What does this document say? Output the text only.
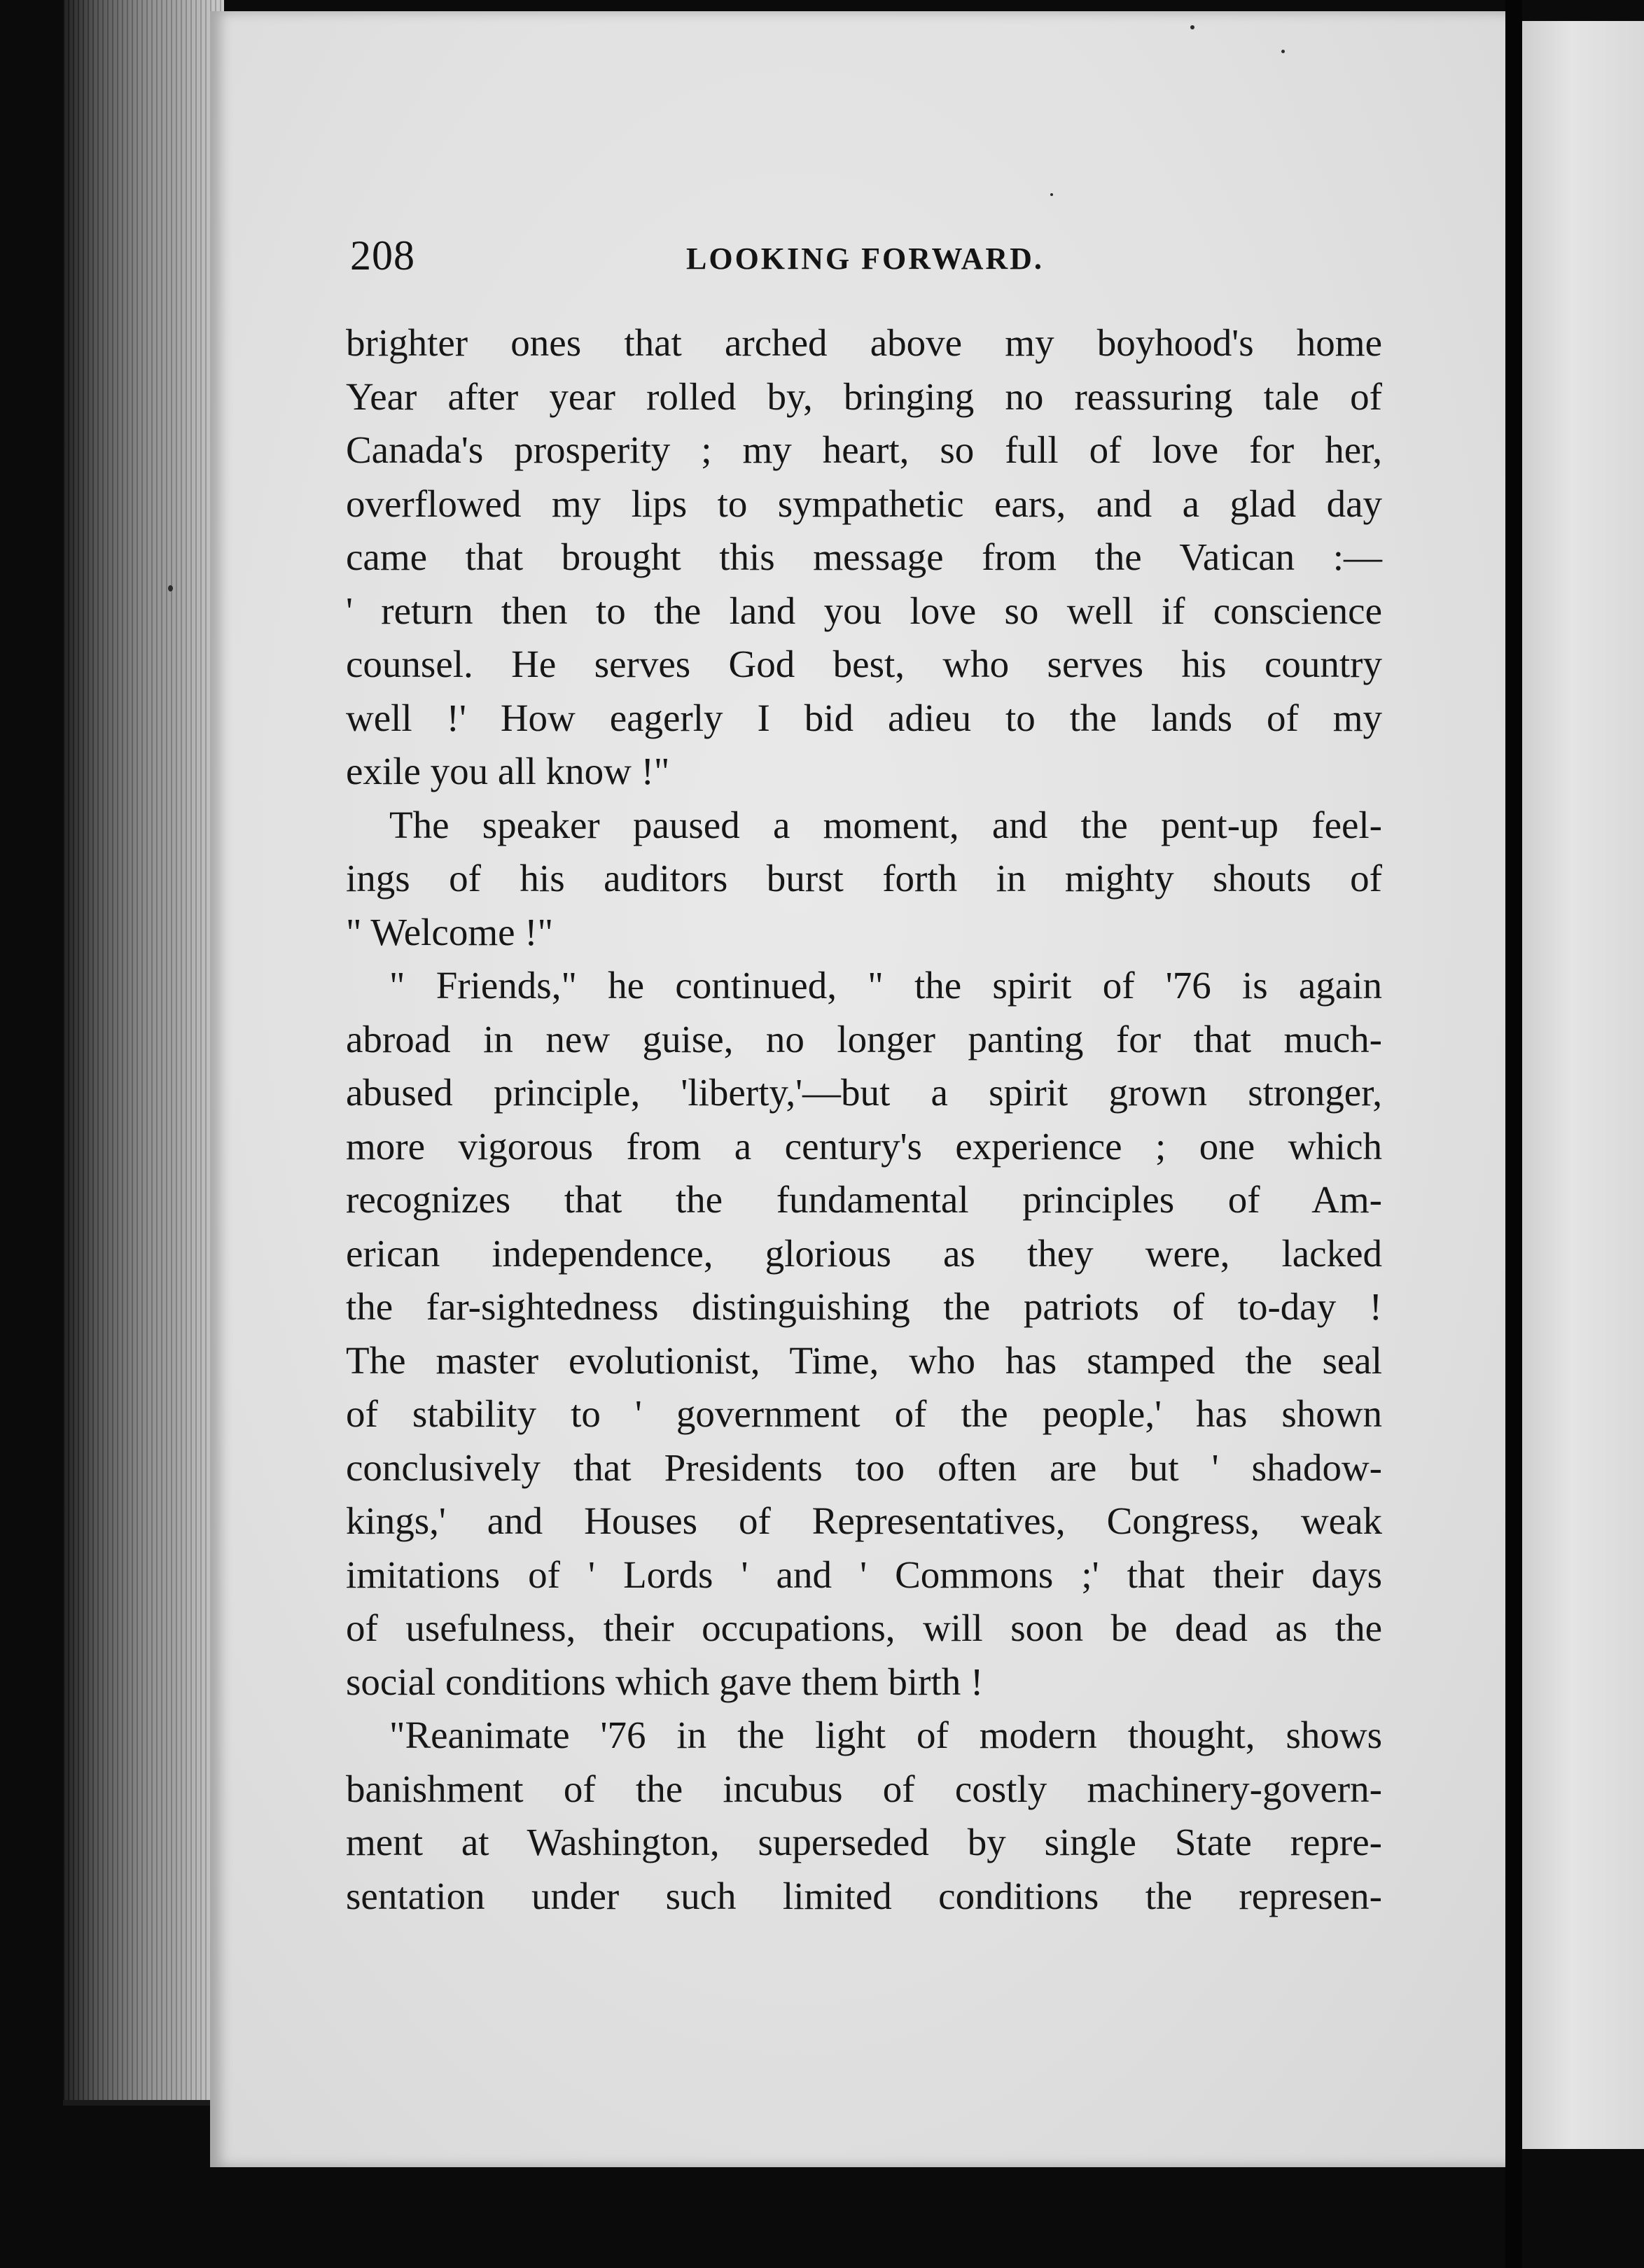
208	LOOKING FORWARD.
brighter ones that arched above my boyhood's home
Year after year rolled by, bringing no reassuring tale of
Canada's prosperity ; my heart, so full of love for her,
overflowed my lips to sympathetic ears, and a glad day
came that brought this message from the Vatican :—
' return then to the land you love so well if conscience
counsel. He serves God best, who serves his country
well !' How eagerly I bid adieu to the lands of my
exile you all know !"
The speaker paused a moment, and the pent-up feel-
ings of his auditors burst forth in mighty shouts of
" Welcome !"
" Friends," he continued, " the spirit of '76 is again
abroad in new guise, no longer panting for that much-
abused principle, 'liberty,'—but a spirit grown stronger,
more vigorous from a century's experience ; one which
recognizes that the fundamental principles of Am-
erican independence, glorious as they were, lacked
the far-sightedness distinguishing the patriots of to-day !
The master evolutionist, Time, who has stamped the seal
of stability to ' government of the people,' has shown
conclusively that Presidents too often are but ' shadow-
kings,' and Houses of Representatives, Congress, weak
imitations of ' Lords ' and ' Commons ;' that their days
of usefulness, their occupations, will soon be dead as the
social conditions which gave them birth !
"Reanimate '76 in the light of modern thought, shows
banishment of the incubus of costly machinery-govern-
ment at Washington, superseded by single State repre-
sentation under such limited conditions the represen-
